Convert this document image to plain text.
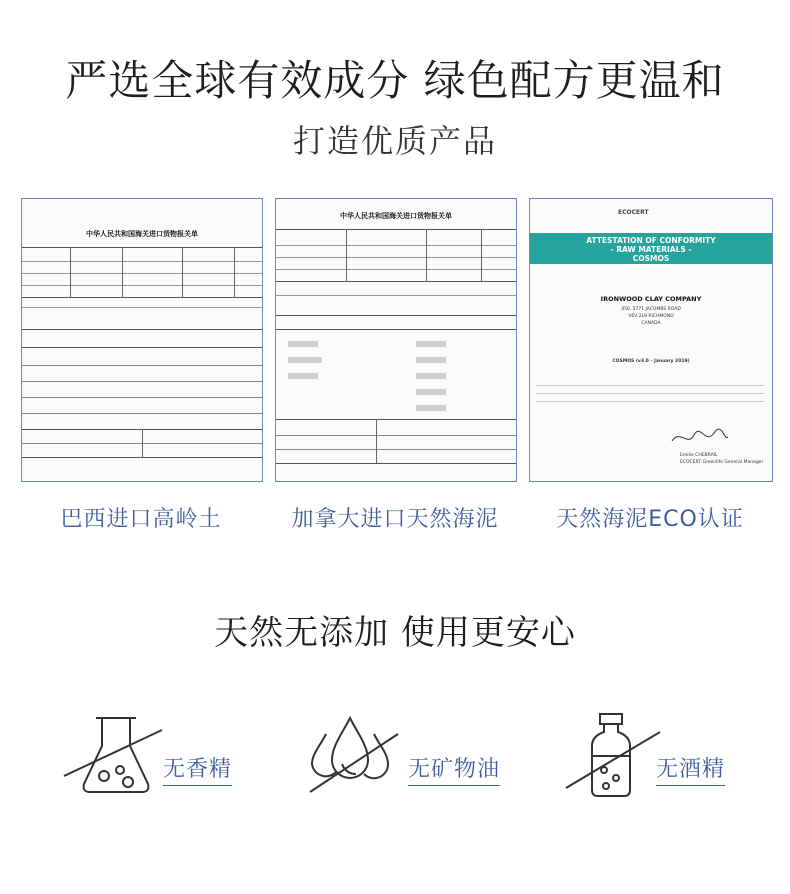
严选全球有效成分 绿色配方更温和
打造优质产品
中华人民共和国海关进口货物报关单
中华人民共和国海关进口货物报关单	ECOCERT
ATTESTATION OF CONFORMITY
- RAW MATERIALS -
COSMOS
IRONWOOD CLAY COMPANY
450, 5771 JACOMBS ROAD
V6V 2L9 RICHMOND
CANADA
COSMOS (v3.0 – January 2019)
Emilie CHEBRAIL
ECOCERT Greenlife General Manager
巴西进口高岭土	加拿大进口天然海泥	天然海泥ECO认证
天然无添加 使用更安心
无香精	无矿物油	无酒精
